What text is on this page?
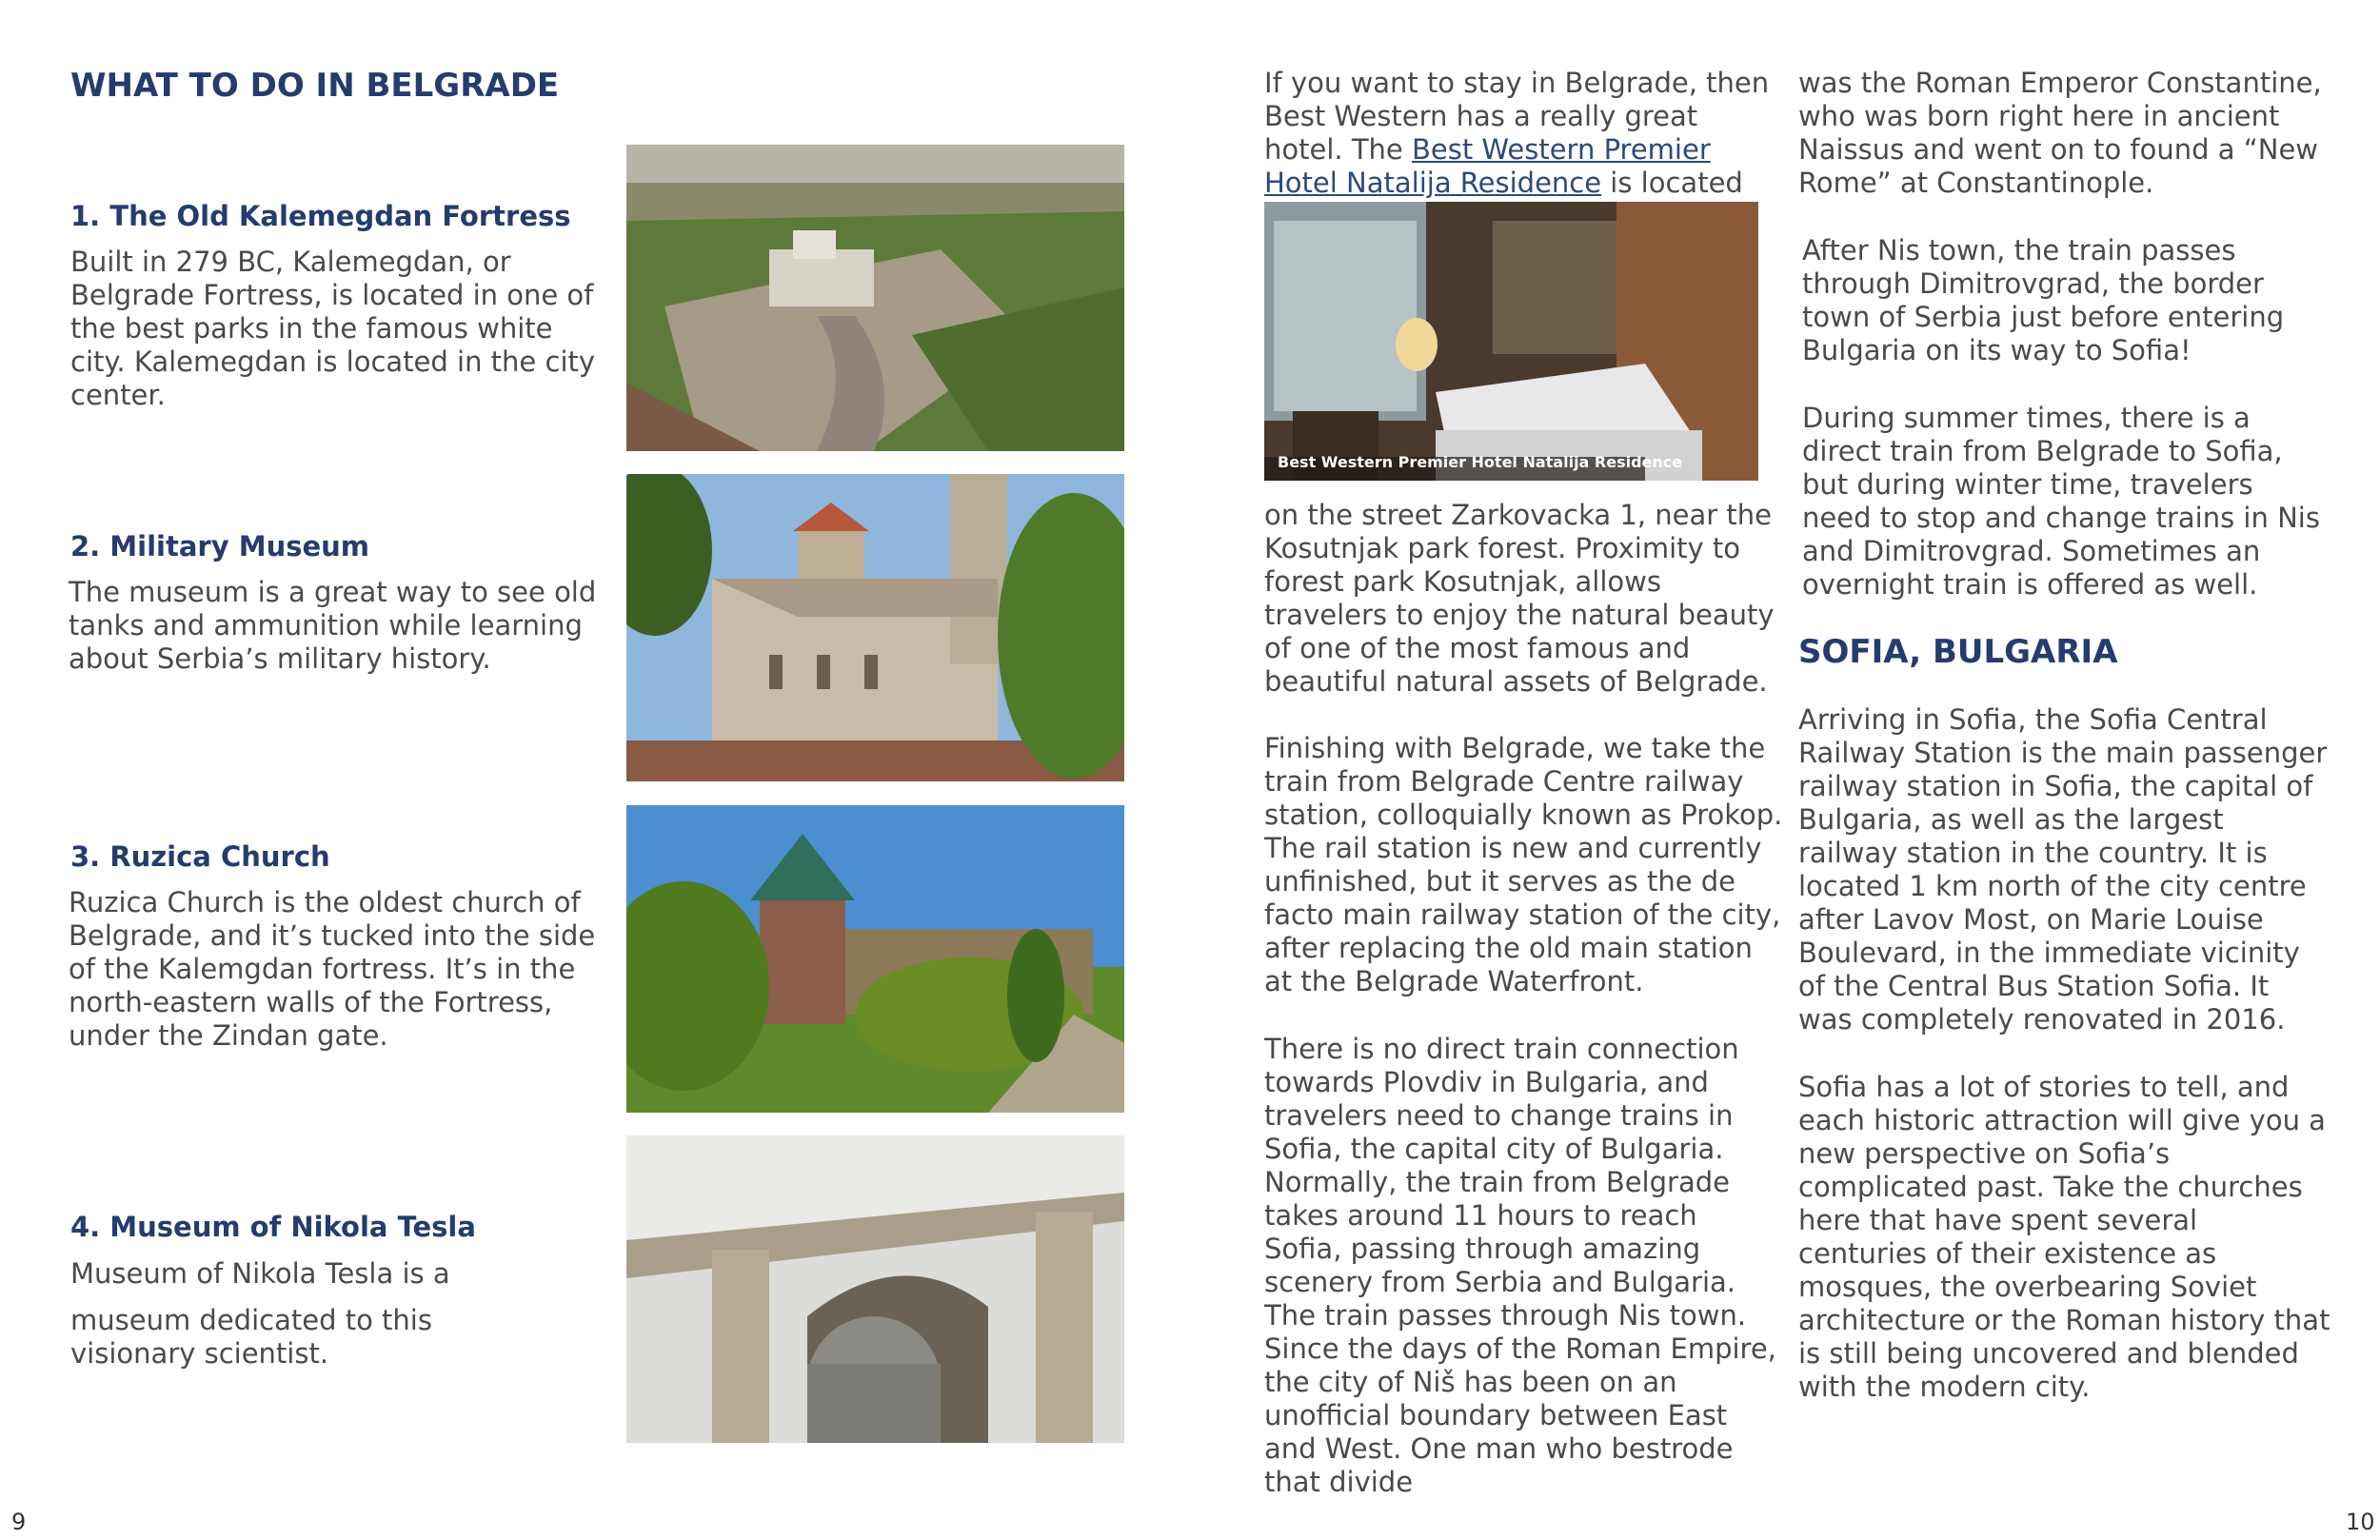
WHAT TO DO IN BELGRADE
1. The Old Kalemegdan Fortress

Built in 279 BC, Kalemegdan, or Belgrade Fortress, is located in one of the best parks in the famous white city. Kalemegdan is located in the city center.

2. Military Museum

The museum is a great way to see old tanks and ammunition while learning about Serbia’s military history.

3. Ruzica Church

Ruzica Church is the oldest church of Belgrade, and it’s tucked into the side of the Kalemgdan fortress. It’s in the north-eastern walls of the Fortress, under the Zindan gate.

4. Museum of Nikola Tesla

Museum of Nikola Tesla is a

museum dedicated to this visionary scientist.

9

If you want to stay in Belgrade, then Best Western has a really great hotel. The Best Western Premier Hotel Natalija Residence is located

Best Western Premier Hotel Natalija Residence

on the street Zarkovacka 1, near the Kosutnjak park forest. Proximity to forest park Kosutnjak, allows travelers to enjoy the natural beauty of one of the most famous and beautiful natural assets of Belgrade.

Finishing with Belgrade, we take the train from Belgrade Centre railway station, colloquially known as Prokop. The rail station is new and currently unfinished, but it serves as the de facto main railway station of the city, after replacing the old main station at the Belgrade Waterfront.

There is no direct train connection towards Plovdiv in Bulgaria, and travelers need to change trains in Sofia, the capital city of Bulgaria. Normally, the train from Belgrade takes around 11 hours to reach Sofia, passing through amazing scenery from Serbia and Bulgaria. The train passes through Nis town. Since the days of the Roman Empire, the city of Niš has been on an unofficial boundary between East and West. One man who bestrode that divide

was the Roman Emperor Constantine, who was born right here in ancient Naissus and went on to found a “New Rome” at Constantinople.

After Nis town, the train passes through Dimitrovgrad, the border town of Serbia just before entering Bulgaria on its way to Sofia!

During summer times, there is a direct train from Belgrade to Sofia, but during winter time, travelers need to stop and change trains in Nis and Dimitrovgrad. Sometimes an overnight train is offered as well.

SOFIA, BULGARIA

Arriving in Sofia, the Sofia Central Railway Station is the main passenger railway station in Sofia, the capital of Bulgaria, as well as the largest railway station in the country. It is located 1 km north of the city centre after Lavov Most, on Marie Louise Boulevard, in the immediate vicinity of the Central Bus Station Sofia. It was completely renovated in 2016.

Sofia has a lot of stories to tell, and each historic attraction will give you a new perspective on Sofia’s complicated past. Take the churches here that have spent several centuries of their existence as mosques, the overbearing Soviet architecture or the Roman history that is still being uncovered and blended with the modern city.

10
